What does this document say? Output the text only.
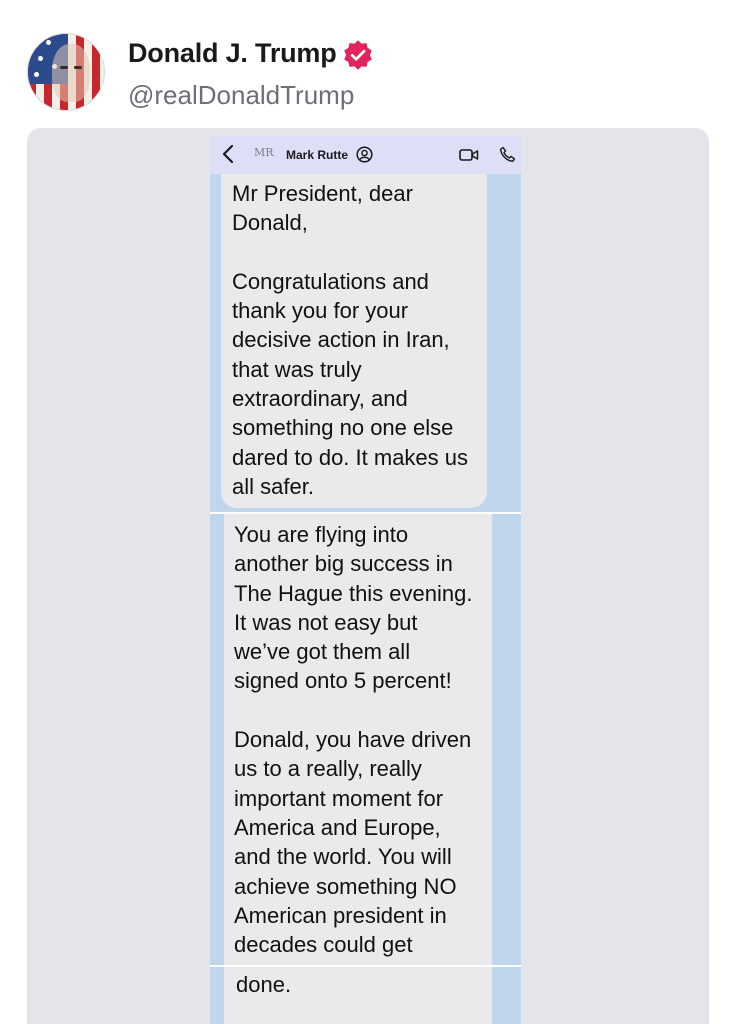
Donald J. Trump
@realDonaldTrump
MR Mark Rutte
Mr President, dear
Donald,

Congratulations and
thank you for your
decisive action in Iran,
that was truly
extraordinary, and
something no one else
dared to do. It makes us
all safer.
You are flying into
another big success in
The Hague this evening.
It was not easy but
we’ve got them all
signed onto 5 percent!

Donald, you have driven
us to a really, really
important moment for
America and Europe,
and the world. You will
achieve something NO
American president in
decades could get
done.
